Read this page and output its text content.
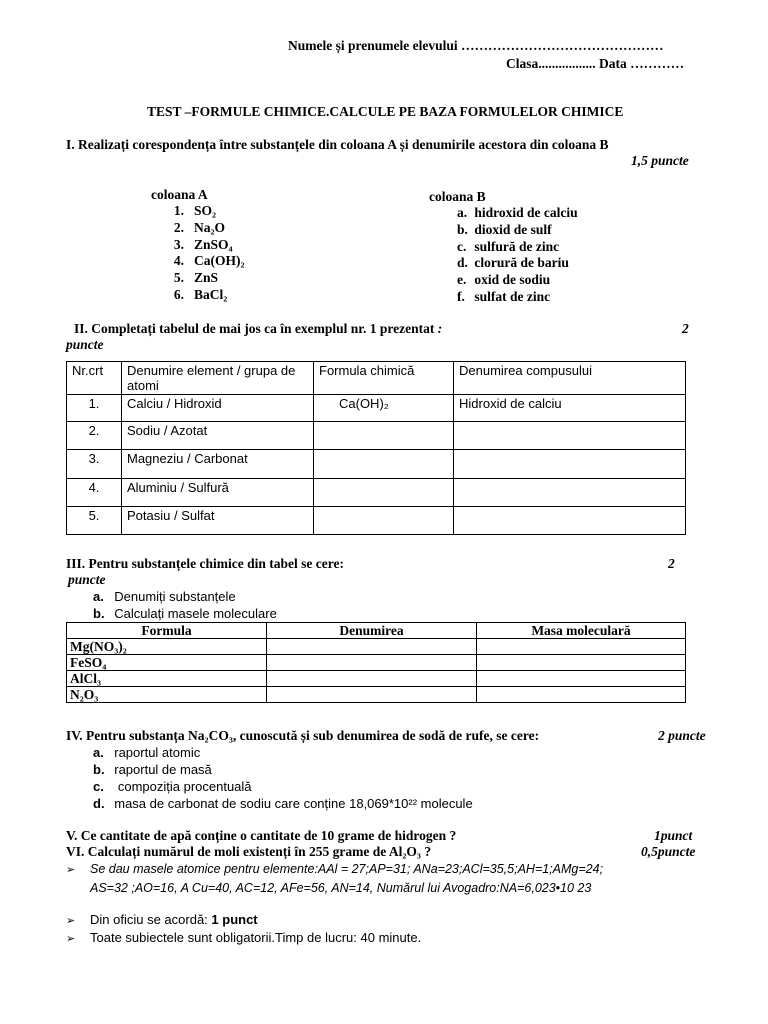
Numele și prenumele elevului ………………………………………
Clasa................. Data …………
TEST –FORMULE CHIMICE.CALCULE PE BAZA FORMULELOR CHIMICE
I. Realizați corespondența între substanțele din coloana A și denumirile acestora din coloana B
1,5 puncte
coloana A
1. SO₂
2. Na₂O
3. ZnSO₄
4. Ca(OH)₂
5. ZnS
6. BaCl₂
coloana B
a. hidroxid de calciu
b. dioxid de sulf
c. sulfură de zinc
d. clorură de bariu
e. oxid de sodiu
f. sulfat de zinc
II. Completați tabelul de mai jos ca în exemplul nr. 1 prezentat :	2
puncte
Nr.crt	Denumire element / grupa de atomi	Formula chimică	Denumirea compusului
1.	Calciu / Hidroxid	Ca(OH)₂	Hidroxid de calciu
2.	Sodiu / Azotat		
3.	Magneziu / Carbonat		
4.	Aluminiu / Sulfură		
5.	Potasiu / Sulfat		
III. Pentru substanțele chimice din tabel se cere:	2
puncte
a. Denumiți substanțele
b. Calculați masele moleculare
Formula	Denumirea	Masa moleculară
Mg(NO₃)₂		
FeSO₄		
AlCl₃		
N₂O₃		
IV. Pentru substanța Na₂CO₃, cunoscută și sub denumirea de sodă de rufe, se cere:	2 puncte
a. raportul atomic
b. raportul de masă
c.   compoziția procentuală
d. masa de carbonat de sodiu care conține 18,069*10²² molecule
V. Ce cantitate de apă conține o cantitate de 10 grame de hidrogen ?	1punct
VI. Calculați numărul de moli existenți în 255 grame de Al₂O₃ ?	0,5puncte
➢ Se dau masele atomice pentru elemente:AAl = 27;AP=31; ANa=23;ACl=35,5;AH=1;AMg=24;
AS=32 ;AO=16, A Cu=40, AC=12, AFe=56, AN=14, Numărul lui Avogadro:NA=6,023•10 23
➢ Din oficiu se acordă: 1 punct
➢ Toate subiectele sunt obligatorii.Timp de lucru: 40 minute.
